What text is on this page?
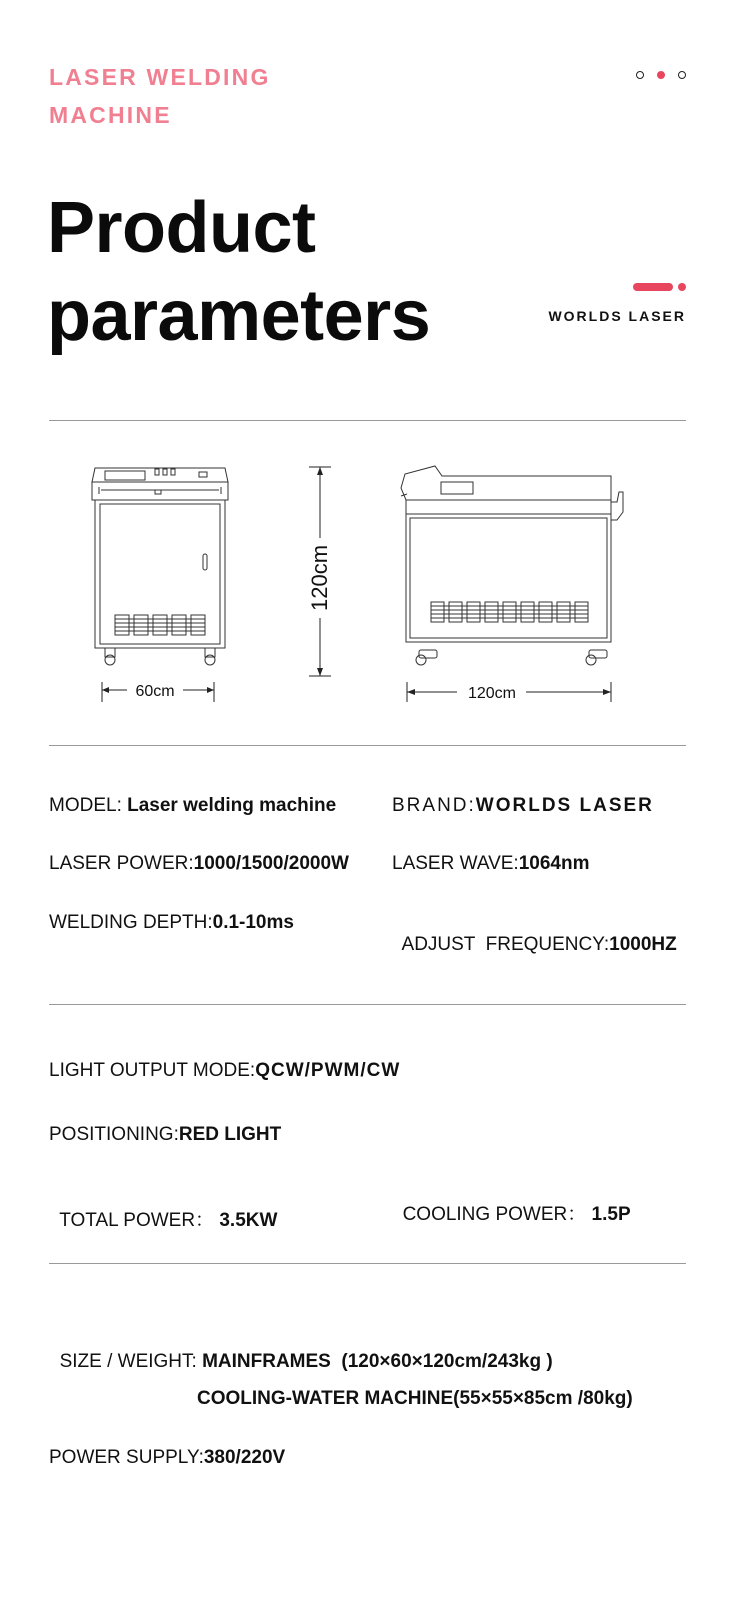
LASER WELDING
MACHINE
Product
parameters	WORLDS LASER
60cm
120cm
120cm
MODEL: Laser welding machine	BRAND:WORLDS LASER
LASER POWER:1000/1500/2000W LASER WAVE:1064nm
WELDING DEPTH:0.1-10ms

ADJUST  FREQUENCY:1000HZ

LIGHT OUTPUT MODE:QCW/PWM/CW
POSITIONING:RED LIGHT

TOTAL POWER： 3.5KW	COOLING POWER： 1.5P

SIZE / WEIGHT: MAINFRAMES  (120×60×120cm/243kg )

COOLING-WATER MACHINE(55×55×85cm /80kg)
POWER SUPPLY:380/220V
